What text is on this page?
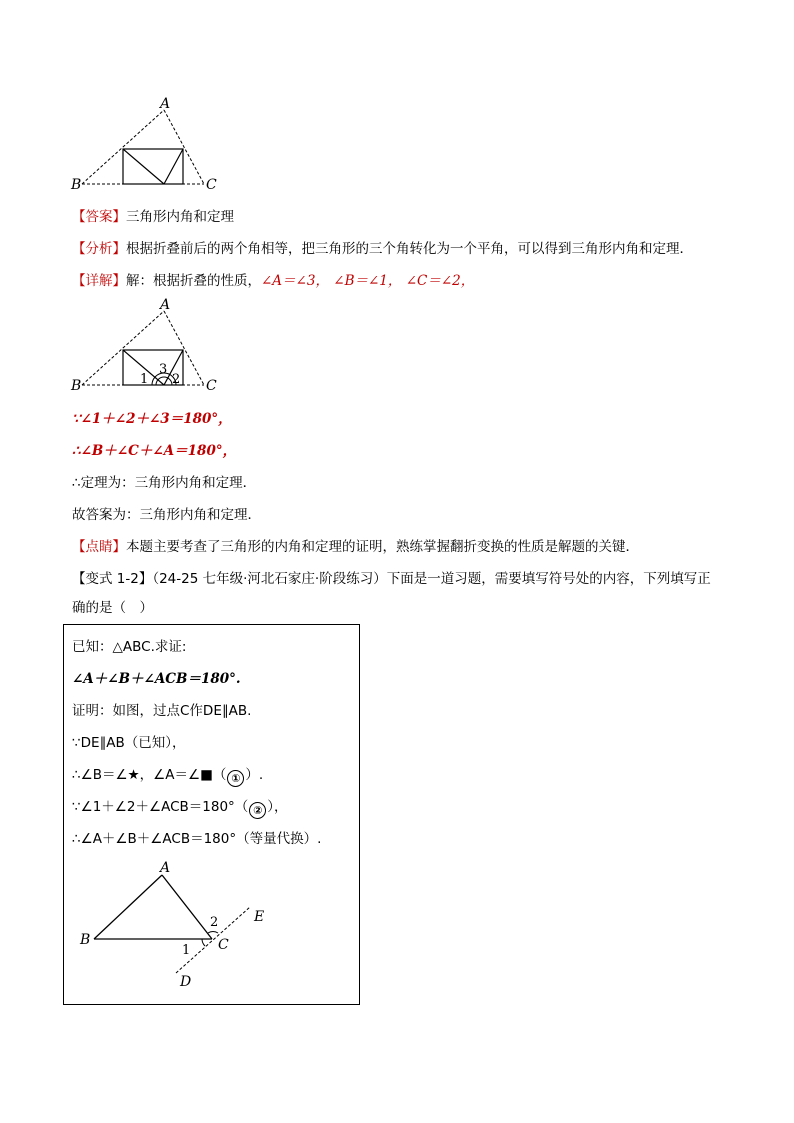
A
B	C
【答案】三角形内角和定理
【分析】根据折叠前后的两个角相等，把三角形的三个角转化为一个平角，可以得到三角形内角和定理．
【详解】解：根据折叠的性质，∠A＝∠3， ∠B＝∠1， ∠C＝∠2，
A
B	C
1
3
2
∵∠1＋∠2＋∠3＝180°，
∴∠B＋∠C＋∠A＝180°，
∴定理为：三角形内角和定理．
故答案为：三角形内角和定理．
【点睛】本题主要考查了三角形的内角和定理的证明，熟练掌握翻折变换的性质是解题的关键．
【变式 1-2】（24-25 七年级·河北石家庄·阶段练习）下面是一道习题，需要填写符号处的内容，下列填写正
确的是（　）
已知：△ABC.求证:
∠A＋∠B＋∠ACB＝180°.
证明：如图，过点C作DE∥AB.
∵DE∥AB（已知），
∴∠B＝∠★，∠A＝∠■（ ① ）.
∵∠1＋∠2＋∠ACB＝180°（ ② ），
∴∠A＋∠B＋∠ACB＝180°（等量代换）.
A
B	C
D
E
1
2
